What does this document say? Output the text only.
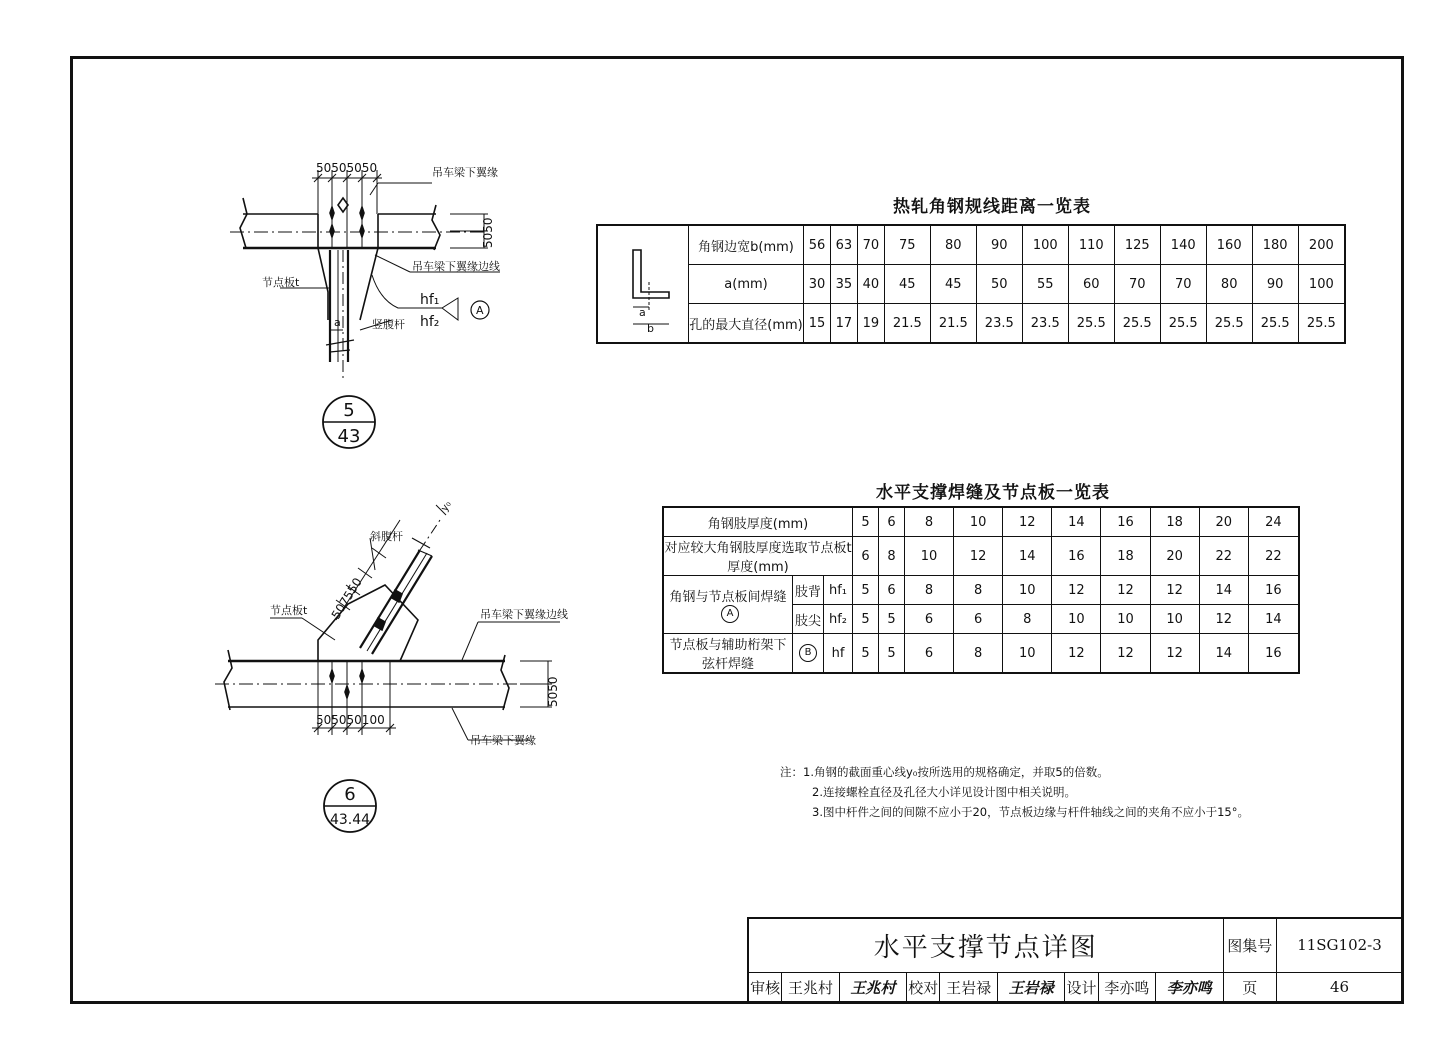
50505050	吊车梁下翼缘
吊车梁下翼缘边线
节点板t
竖腹杆
hf₁
hf₂
A
5050
a
5
43
斜腹杆
节点板t	吊车梁下翼缘边线
吊车梁下翼缘
507550
505050100
5050
y₀
6
43.44
热轧角钢规线距离一览表
a
b	角钢边宽b(mm)	56	63	70	75	80	90	100	110	125	140	160	180	200
	a(mm)	30	35	40	45	45	50	55	60	70	70	80	90	100
	孔的最大直径(mm)	15	17	19	21.5	21.5	23.5	23.5	25.5	25.5	25.5	25.5	25.5	25.5
水平支撑焊缝及节点板一览表
角钢肢厚度(mm)			5	6	8	10	12	14	16	18	20	24
对应较大角钢肢厚度选取节点板t厚度(mm)			6	8	10	12	14	16	18	20	22	22
角钢与节点板间焊缝 A	肢背	hf₁	5	6	8	8	10	12	12	12	14	16
	肢尖	hf₂	5	5	6	6	8	10	10	10	12	14
节点板与辅助桁架下弦杆焊缝	B	hf	5	5	6	8	10	12	12	12	14	16
注：1.角钢的截面重心线y₀按所选用的规格确定，并取5的倍数。
2.连接螺栓直径及孔径大小详见设计图中相关说明。
3.图中杆件之间的间隙不应小于20，节点板边缘与杆件轴线之间的夹角不应小于15°。
水平支撑节点详图									图集号	11SG102-3
审核	王兆村	王兆村	校对	王岩禄	王岩禄	设计	李亦鸣	李亦鸣	页	46
